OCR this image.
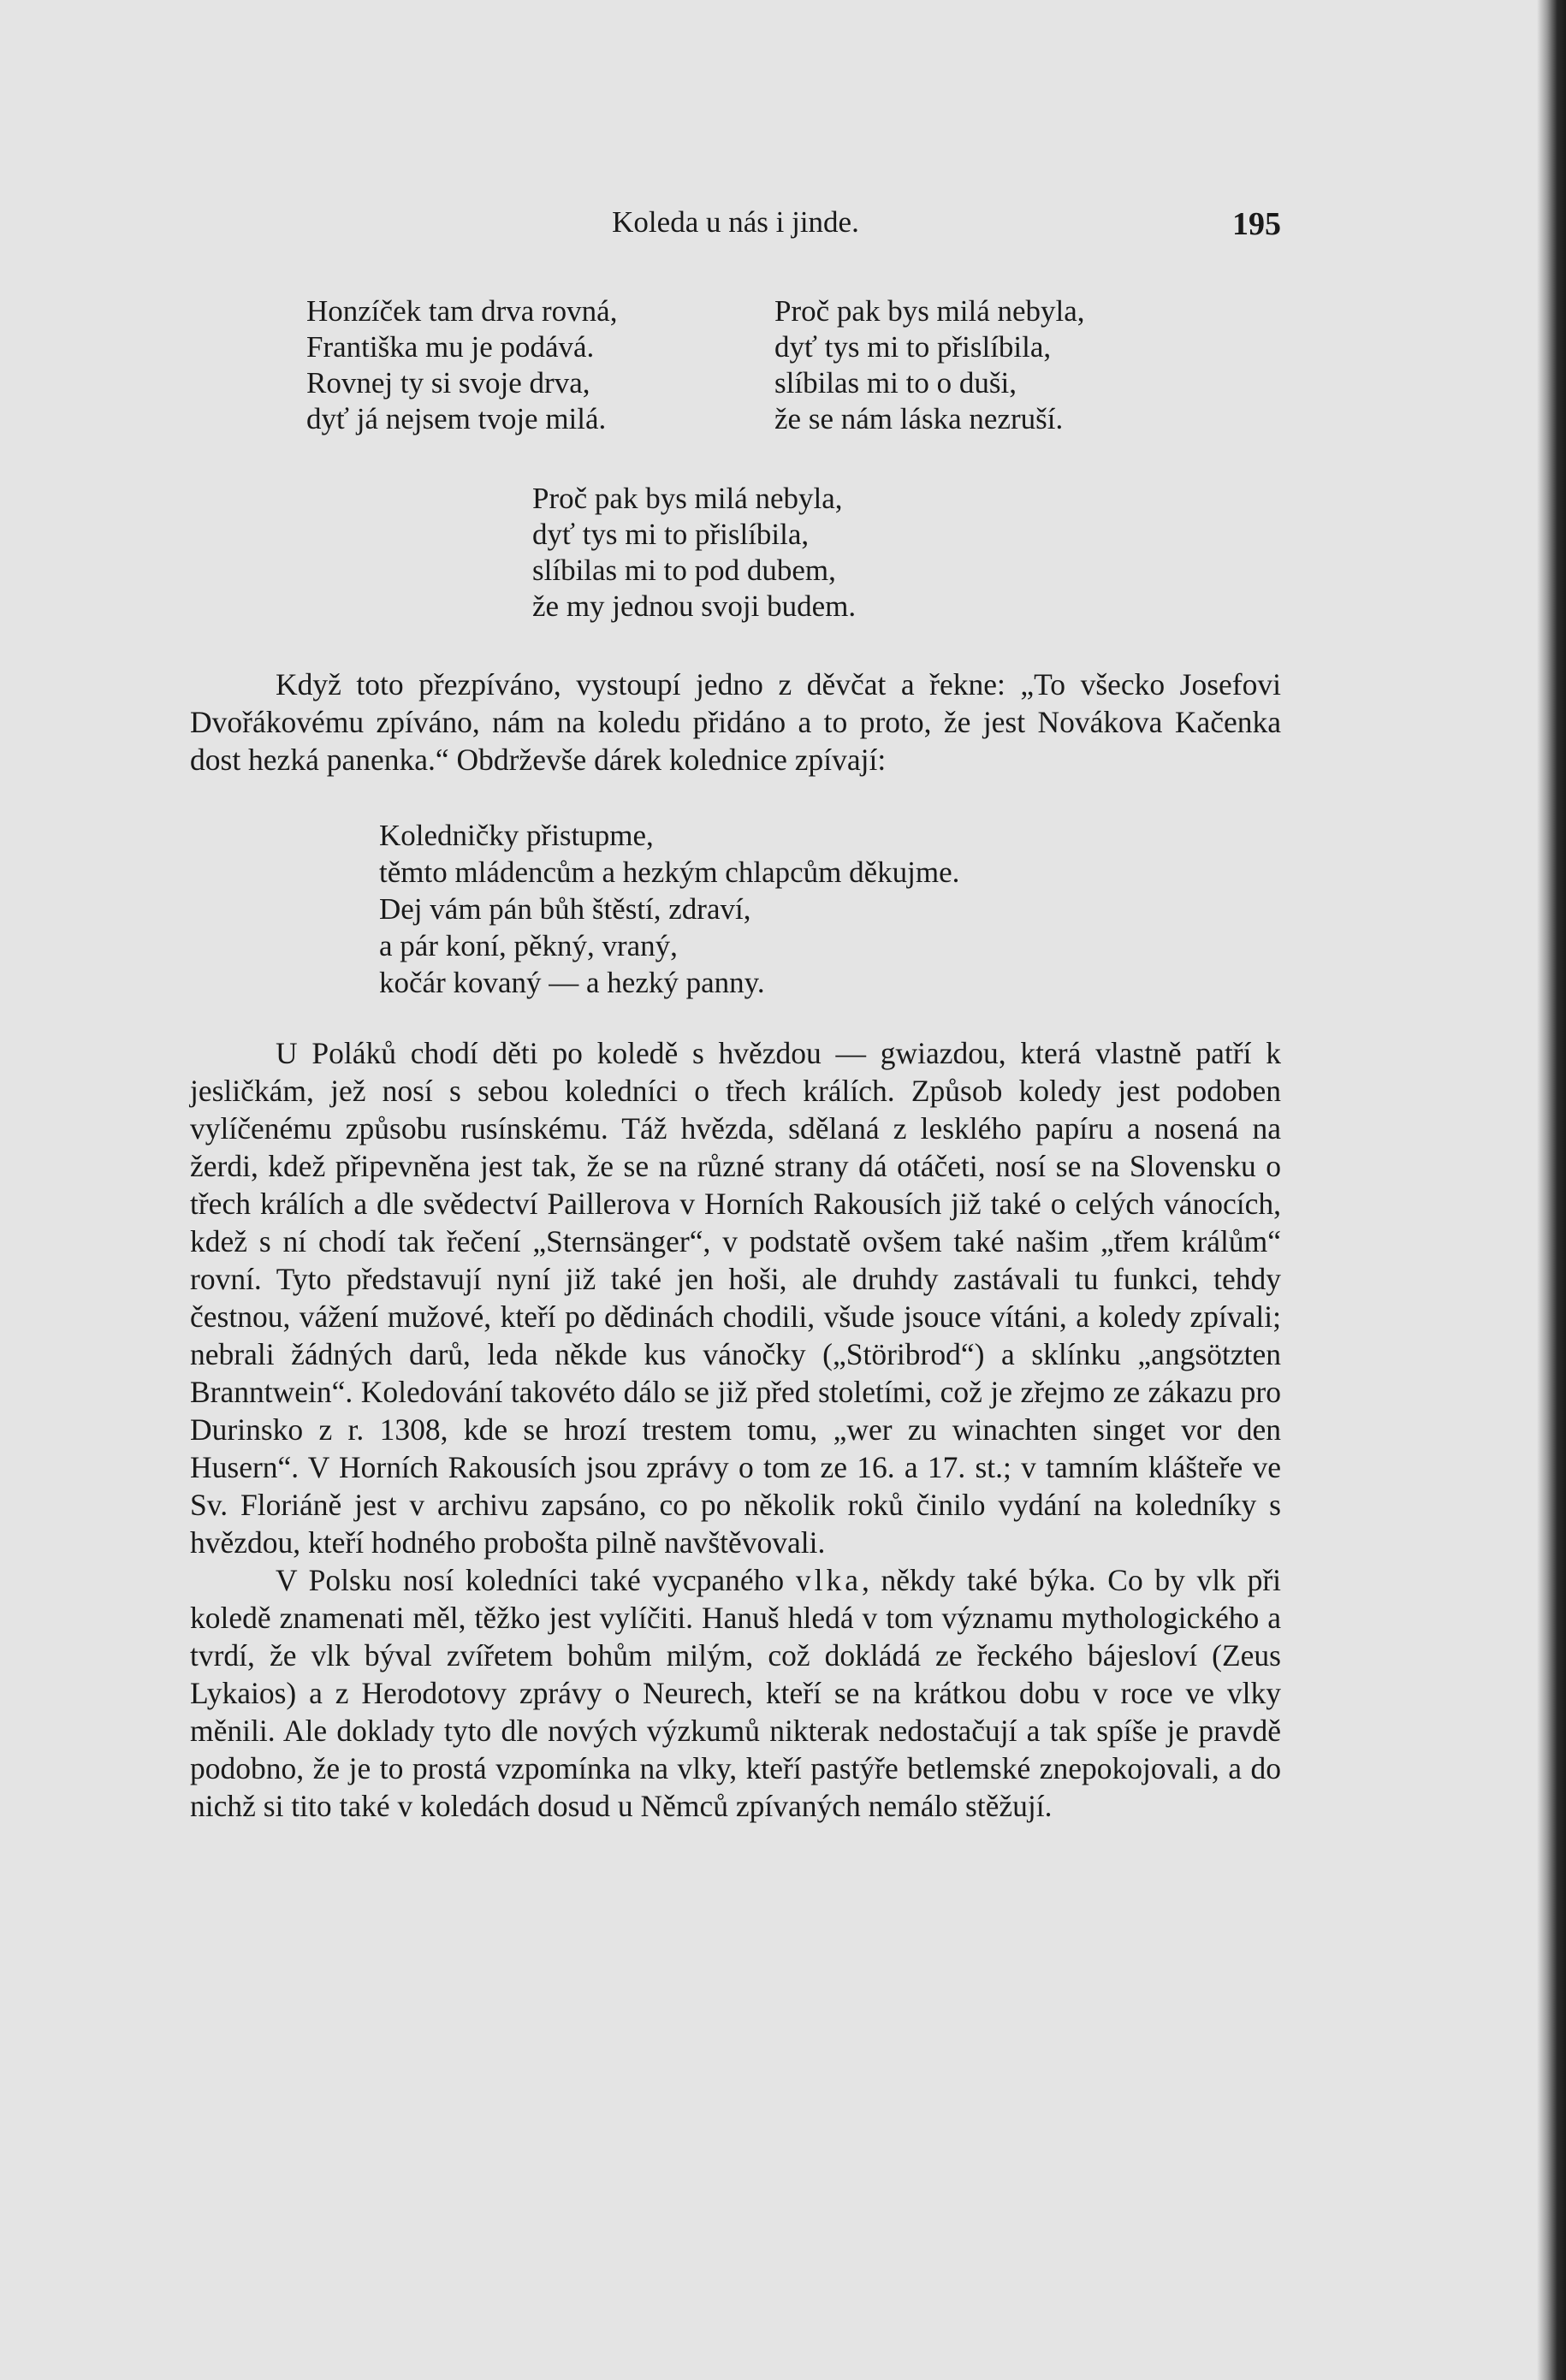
Koleda u nás i jinde.	195
Honzíček tam drva rovná,
Františka mu je podává.
Rovnej ty si svoje drva,
dyť já nejsem tvoje milá.
Proč pak bys milá nebyla,
dyť tys mi to přislíbila,
slíbilas mi to o duši,
že se nám láska nezruší.
Proč pak bys milá nebyla,
dyť tys mi to přislíbila,
slíbilas mi to pod dubem,
že my jednou svoji budem.

Když toto přezpíváno, vystoupí jedno z děvčat a řekne: „To všecko Josefovi Dvořákovému zpíváno, nám na koledu přidáno a to proto, že jest Novákova Kačenka dost hezká panenka.“ Obdrževše dárek kolednice zpívají:

Koledničky přistupme,
těmto mládencům a hezkým chlapcům děkujme.
Dej vám pán bůh štěstí, zdraví,
a pár koní, pěkný, vraný,
kočár kovaný — a hezký panny.

U Poláků chodí děti po koledě s hvězdou — gwiazdou, která vlastně patří k jesličkám, jež nosí s sebou koledníci o třech králích. Způsob koledy jest podoben vylíčenému způsobu rusínskému. Táž hvězda, sdělaná z lesklého papíru a nosená na žerdi, kdež připevněna jest tak, že se na různé strany dá otáčeti, nosí se na Slovensku o třech králích a dle svědectví Paillerova v Horních Rakousích již také o celých vánocích, kdež s ní chodí tak řečení „Sternsänger“, v podstatě ovšem také našim „třem králům“ rovní. Tyto představují nyní již také jen hoši, ale druhdy zastávali tu funkci, tehdy čestnou, vážení mužové, kteří po dědinách chodili, všude jsouce vítáni, a koledy zpívali; nebrali žádných darů, leda někde kus vánočky („Störibrod“) a sklínku „angsötzten Branntwein“. Koledování takovéto dálo se již před stoletími, což je zřejmo ze zákazu pro Durinsko z r. 1308, kde se hrozí trestem tomu, „wer zu winachten singet vor den Husern“. V Horních Rakousích jsou zprávy o tom ze 16. a 17. st.; v tamním klášteře ve Sv. Floriáně jest v archivu zapsáno, co po několik roků činilo vydání na koledníky s hvězdou, kteří hodného probošta pilně navštěvovali.

V Polsku nosí koledníci také vycpaného vlka, někdy také býka. Co by vlk při koledě znamenati měl, těžko jest vylíčiti. Hanuš hledá v tom významu mythologického a tvrdí, že vlk býval zvířetem bohům milým, což dokládá ze řeckého bájesloví (Zeus Lykaios) a z Herodotovy zprávy o Neurech, kteří se na krátkou dobu v roce ve vlky měnili. Ale doklady tyto dle nových výzkumů nikterak nedostačují a tak spíše je pravdě podobno, že je to prostá vzpomínka na vlky, kteří pastýře betlemské znepokojovali, a do nichž si tito také v koledách dosud u Němců zpívaných nemálo stěžují.
